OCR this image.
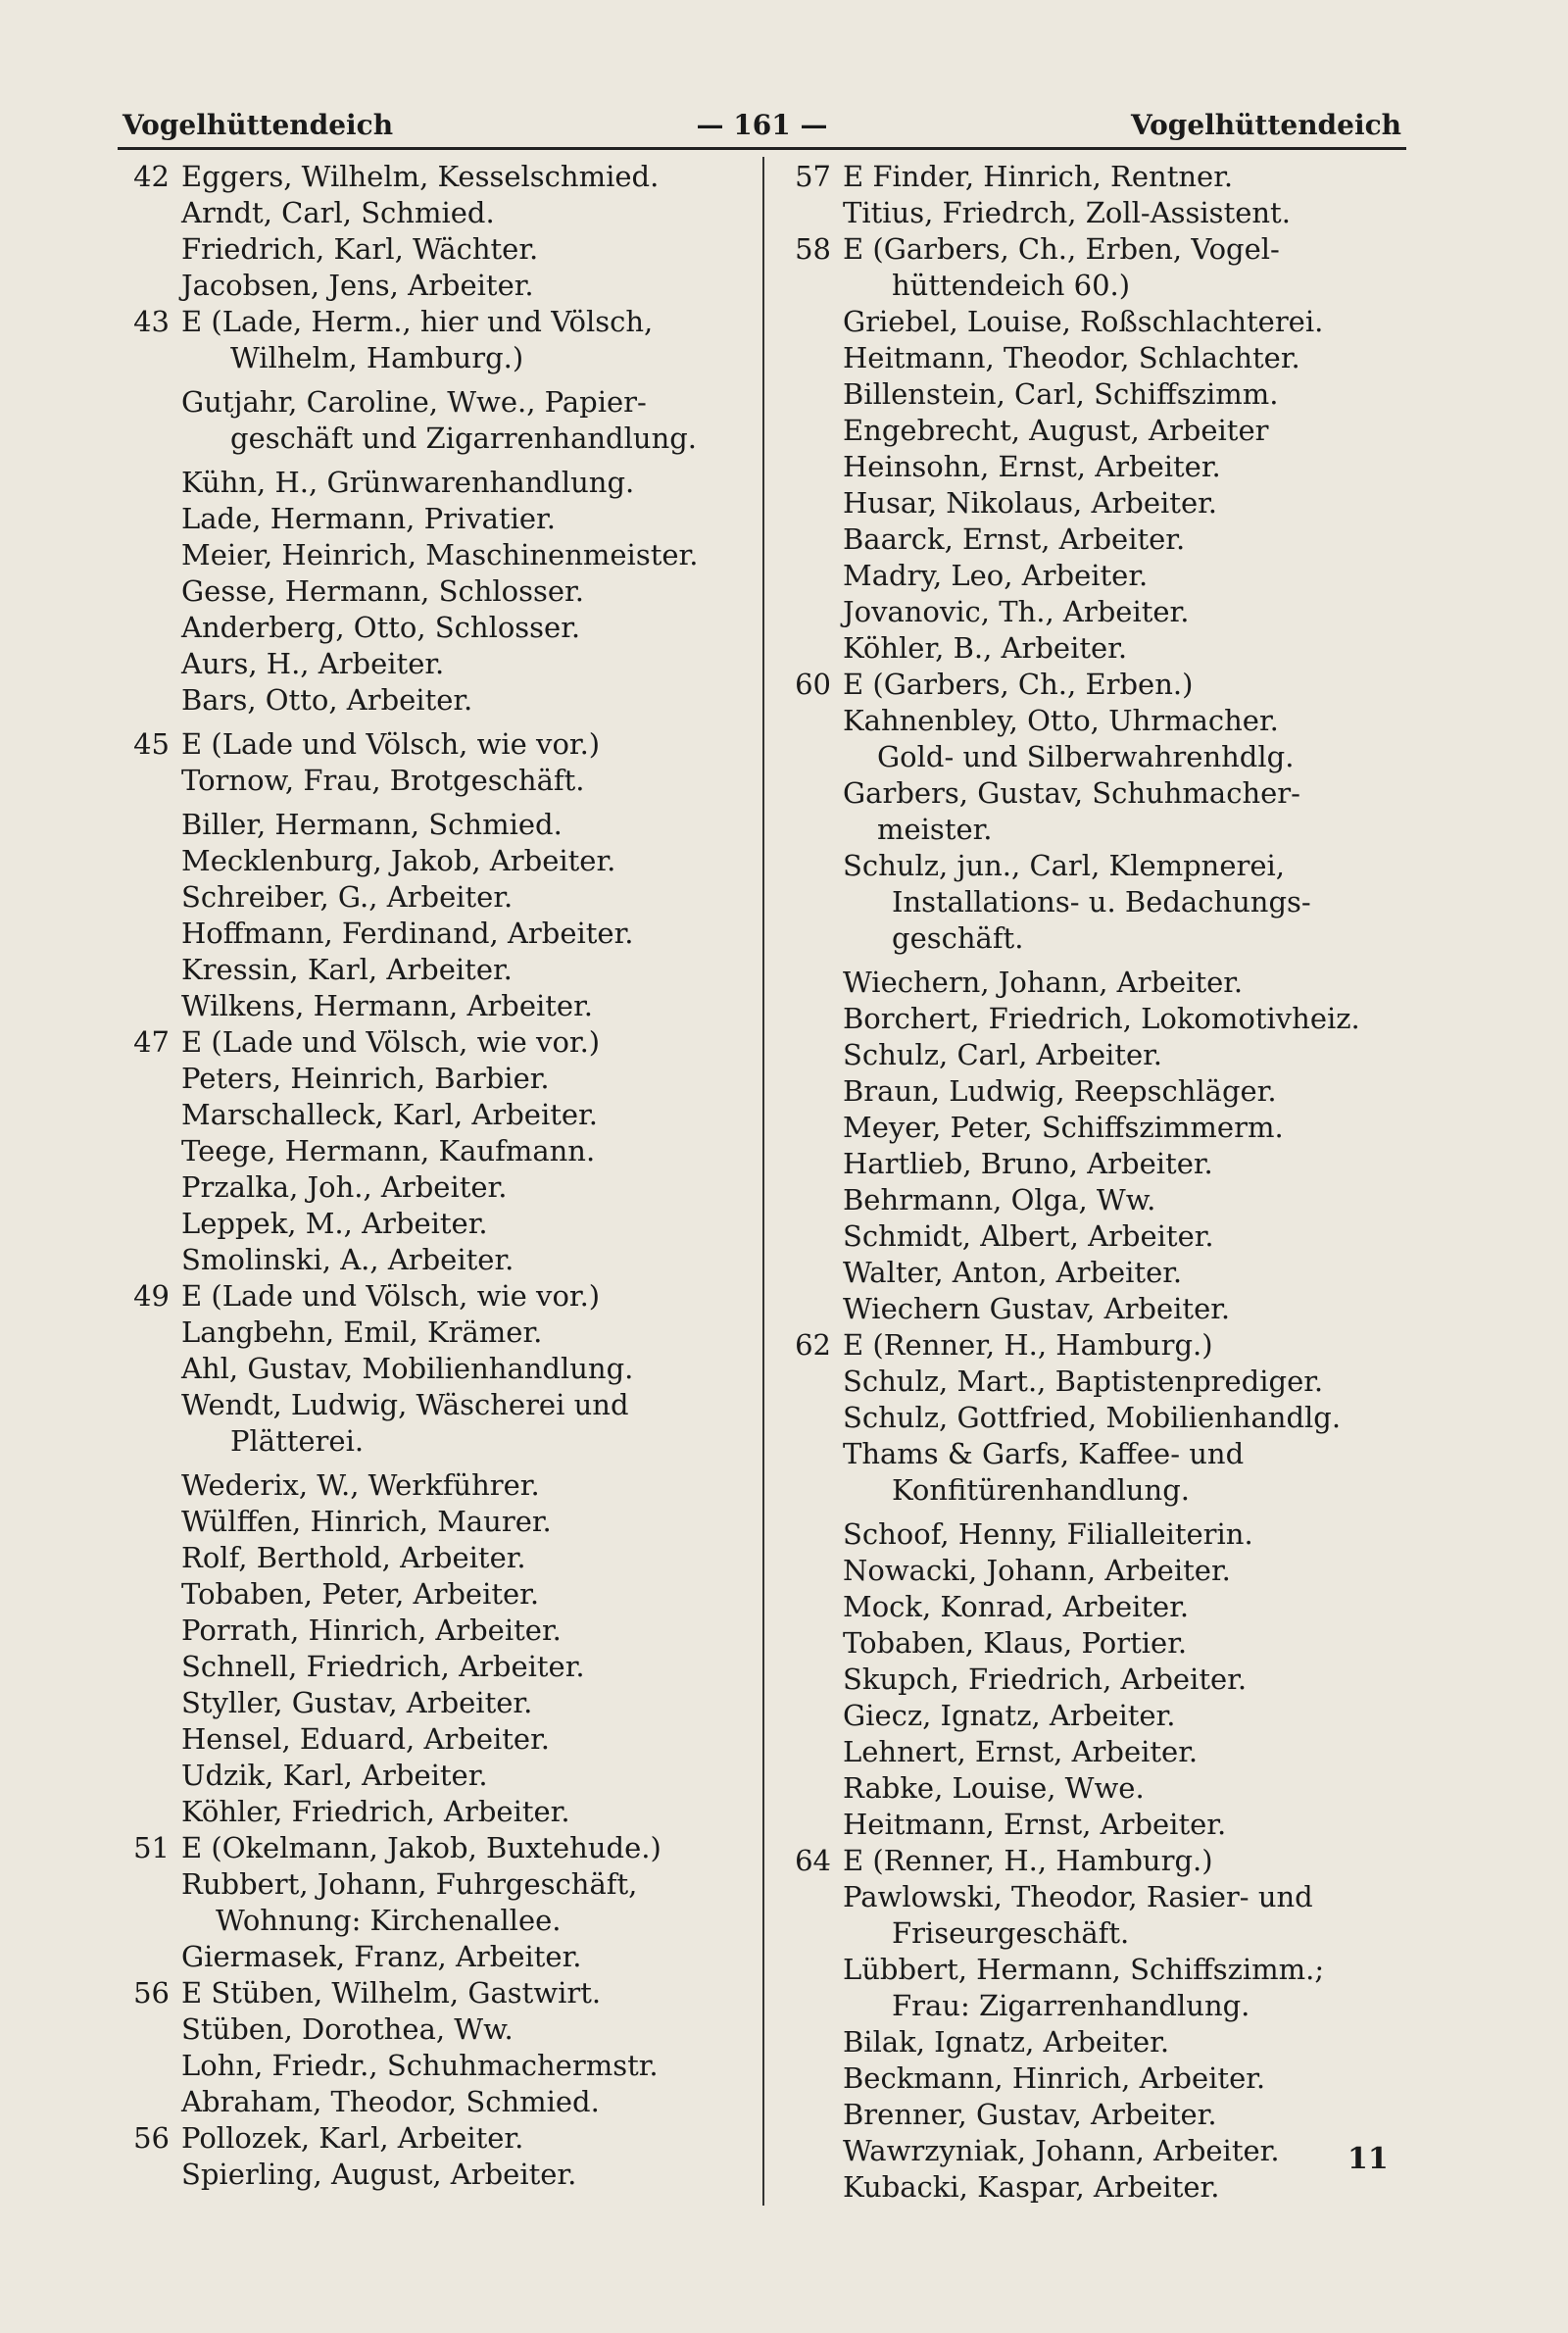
Vogelhüttendeich	— 161 —	Vogelhüttendeich
42 Eggers, Wilhelm, Kesselschmied.
Arndt, Carl, Schmied.
Friedrich, Karl, Wächter.
Jacobsen, Jens, Arbeiter.
43 E (Lade, Herm., hier und Völsch,
Wilhelm, Hamburg.)
Gutjahr, Caroline, Wwe., Papier-
geschäft und Zigarrenhandlung.
Kühn, H., Grünwarenhandlung.
Lade, Hermann, Privatier.
Meier, Heinrich, Maschinenmeister.
Gesse, Hermann, Schlosser.
Anderberg, Otto, Schlosser.
Aurs, H., Arbeiter.
Bars, Otto, Arbeiter.
45 E (Lade und Völsch, wie vor.)
Tornow, Frau, Brotgeschäft.
Biller, Hermann, Schmied.
Mecklenburg, Jakob, Arbeiter.
Schreiber, G., Arbeiter.
Hoffmann, Ferdinand, Arbeiter.
Kressin, Karl, Arbeiter.
Wilkens, Hermann, Arbeiter.
47 E (Lade und Völsch, wie vor.)
Peters, Heinrich, Barbier.
Marschalleck, Karl, Arbeiter.
Teege, Hermann, Kaufmann.
Przalka, Joh., Arbeiter.
Leppek, M., Arbeiter.
Smolinski, A., Arbeiter.
49 E (Lade und Völsch, wie vor.)
Langbehn, Emil, Krämer.
Ahl, Gustav, Mobilienhandlung.
Wendt, Ludwig, Wäscherei und
Plätterei.
Wederix, W., Werkführer.
Wülffen, Hinrich, Maurer.
Rolf, Berthold, Arbeiter.
Tobaben, Peter, Arbeiter.
Porrath, Hinrich, Arbeiter.
Schnell, Friedrich, Arbeiter.
Styller, Gustav, Arbeiter.
Hensel, Eduard, Arbeiter.
Udzik, Karl, Arbeiter.
Köhler, Friedrich, Arbeiter.
51 E (Okelmann, Jakob, Buxtehude.)
Rubbert, Johann, Fuhrgeschäft,
Wohnung: Kirchenallee.
Giermasek, Franz, Arbeiter.
56 E Stüben, Wilhelm, Gastwirt.
Stüben, Dorothea, Ww.
Lohn, Friedr., Schuhmachermstr.
Abraham, Theodor, Schmied.
56 Pollozek, Karl, Arbeiter.
Spierling, August, Arbeiter.
57 E Finder, Hinrich, Rentner.
Titius, Friedrch, Zoll-Assistent.
58 E (Garbers, Ch., Erben, Vogel-
hüttendeich 60.)
Griebel, Louise, Roßschlachterei.
Heitmann, Theodor, Schlachter.
Billenstein, Carl, Schiffszimm.
Engebrecht, August, Arbeiter
Heinsohn, Ernst, Arbeiter.
Husar, Nikolaus, Arbeiter.
Baarck, Ernst, Arbeiter.
Madry, Leo, Arbeiter.
Jovanovic, Th., Arbeiter.
Köhler, B., Arbeiter.
60 E (Garbers, Ch., Erben.)
Kahnenbley, Otto, Uhrmacher.
Gold- und Silberwahrenhdlg.
Garbers, Gustav, Schuhmacher-
meister.
Schulz, jun., Carl, Klempnerei,
Installations- u. Bedachungs-
geschäft.
Wiechern, Johann, Arbeiter.
Borchert, Friedrich, Lokomotivheiz.
Schulz, Carl, Arbeiter.
Braun, Ludwig, Reepschläger.
Meyer, Peter, Schiffszimmerm.
Hartlieb, Bruno, Arbeiter.
Behrmann, Olga, Ww.
Schmidt, Albert, Arbeiter.
Walter, Anton, Arbeiter.
Wiechern Gustav, Arbeiter.
62 E (Renner, H., Hamburg.)
Schulz, Mart., Baptistenprediger.
Schulz, Gottfried, Mobilienhandlg.
Thams & Garfs, Kaffee- und
Konfitürenhandlung.
Schoof, Henny, Filialleiterin.
Nowacki, Johann, Arbeiter.
Mock, Konrad, Arbeiter.
Tobaben, Klaus, Portier.
Skupch, Friedrich, Arbeiter.
Giecz, Ignatz, Arbeiter.
Lehnert, Ernst, Arbeiter.
Rabke, Louise, Wwe.
Heitmann, Ernst, Arbeiter.
64 E (Renner, H., Hamburg.)
Pawlowski, Theodor, Rasier- und
Friseurgeschäft.
Lübbert, Hermann, Schiffszimm.;
Frau: Zigarrenhandlung.
Bilak, Ignatz, Arbeiter.
Beckmann, Hinrich, Arbeiter.
Brenner, Gustav, Arbeiter.
Wawrzyniak, Johann, Arbeiter.
Kubacki, Kaspar, Arbeiter.
11
